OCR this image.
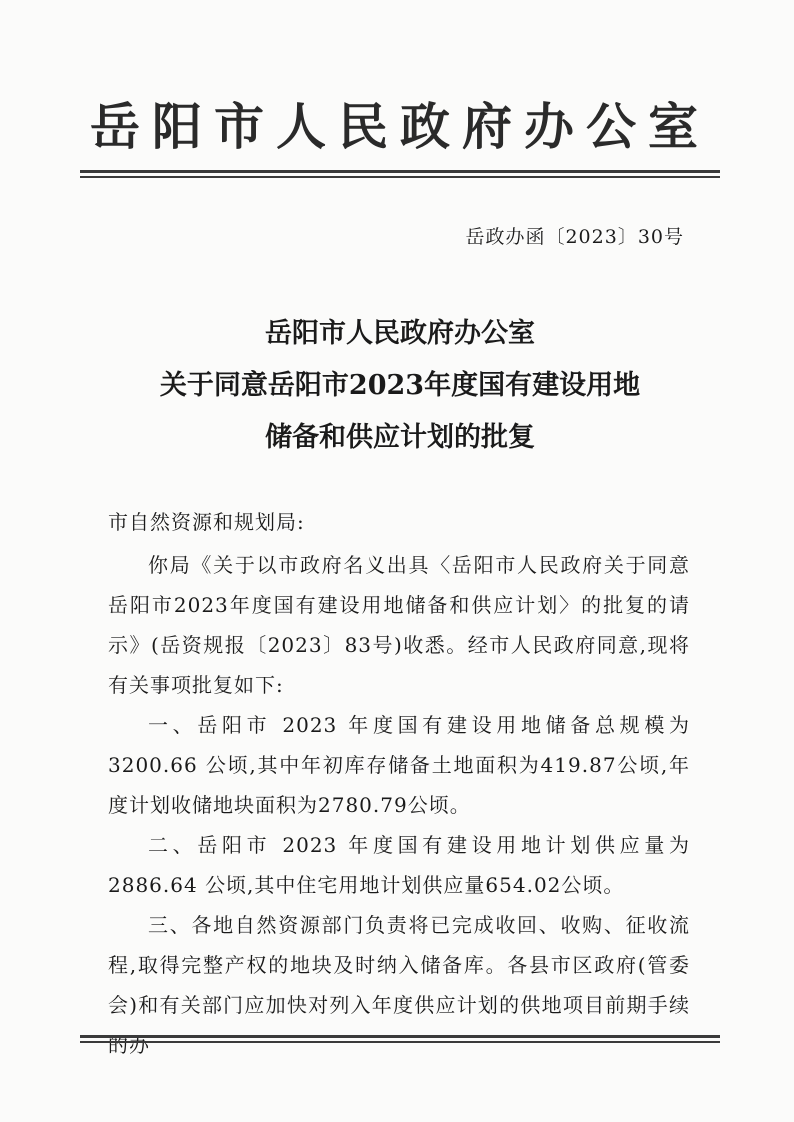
岳阳市人民政府办公室
岳政办函〔2023〕30号
岳阳市人民政府办公室
关于同意岳阳市2023年度国有建设用地
储备和供应计划的批复
市自然资源和规划局:

你局《关于以市政府名义出具〈岳阳市人民政府关于同意岳阳市2023年度国有建设用地储备和供应计划〉的批复的请示》(岳资规报〔2023〕83号)收悉。经市人民政府同意,现将有关事项批复如下:

一、岳阳市 2023 年度国有建设用地储备总规模为 3200.66 公顷,其中年初库存储备土地面积为419.87公顷,年度计划收储地块面积为2780.79公顷。

二、岳阳市 2023 年度国有建设用地计划供应量为 2886.64 公顷,其中住宅用地计划供应量654.02公顷。

三、各地自然资源部门负责将已完成收回、收购、征收流程,取得完整产权的地块及时纳入储备库。各县市区政府(管委会)和有关部门应加快对列入年度供应计划的供地项目前期手续的办
